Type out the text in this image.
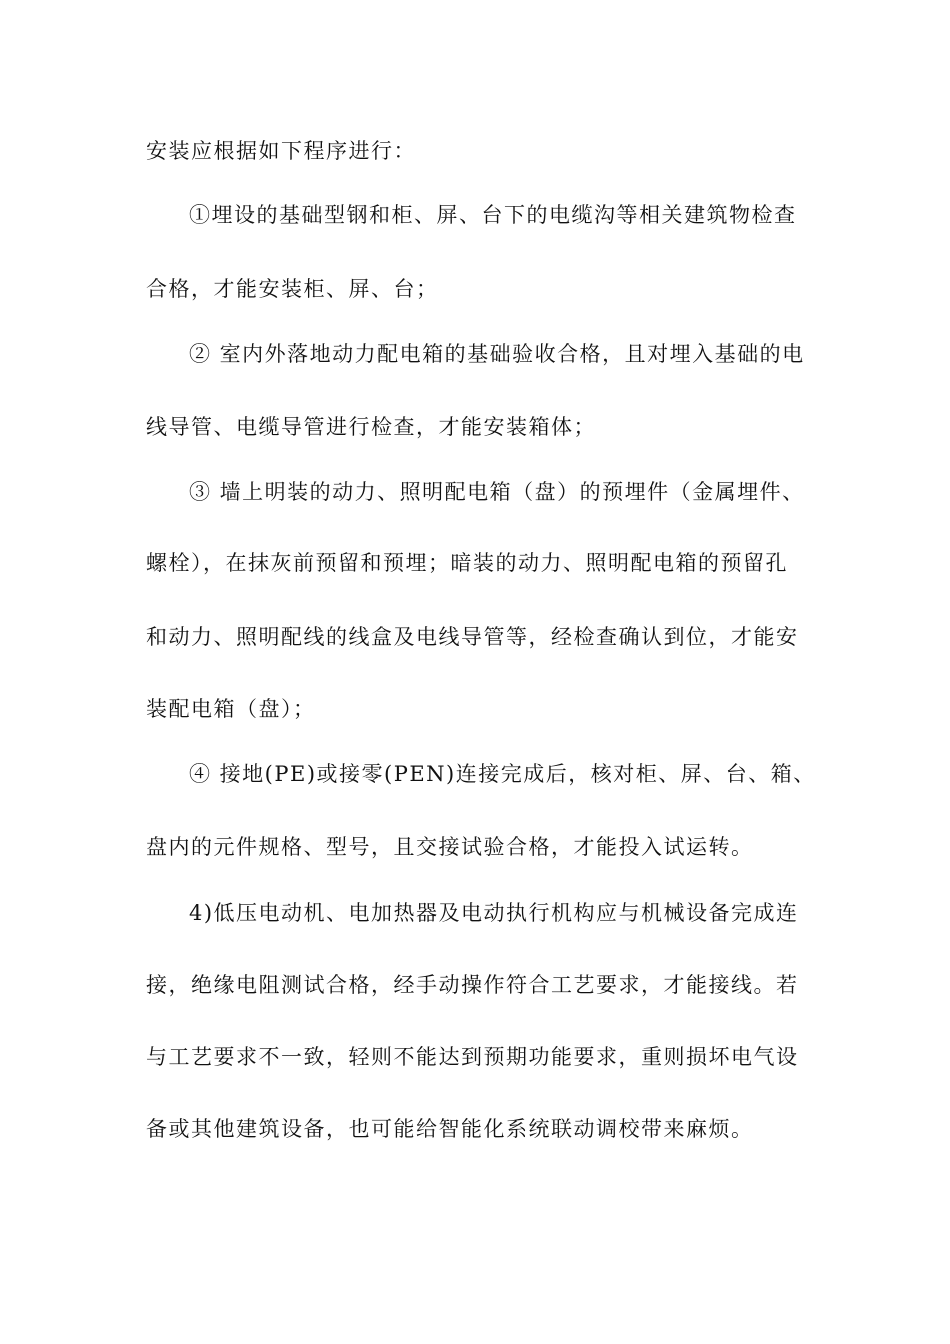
安装应根据如下程序进行：
①埋设的基础型钢和柜、屏、台下的电缆沟等相关建筑物检查
合格，才能安装柜、屏、台；
② 室内外落地动力配电箱的基础验收合格，且对埋入基础的电
线导管、电缆导管进行检查，才能安装箱体；
③ 墙上明装的动力、照明配电箱（盘）的预埋件（金属埋件、
螺栓），在抹灰前预留和预埋；暗装的动力、照明配电箱的预留孔
和动力、照明配线的线盒及电线导管等，经检查确认到位，才能安
装配电箱（盘）；
④ 接地(PE)或接零(PEN)连接完成后，核对柜、屏、台、箱、
盘内的元件规格、型号，且交接试验合格，才能投入试运转。
4)低压电动机、电加热器及电动执行机构应与机械设备完成连
接，绝缘电阻测试合格，经手动操作符合工艺要求，才能接线。若
与工艺要求不一致，轻则不能达到预期功能要求，重则损坏电气设
备或其他建筑设备，也可能给智能化系统联动调校带来麻烦。
